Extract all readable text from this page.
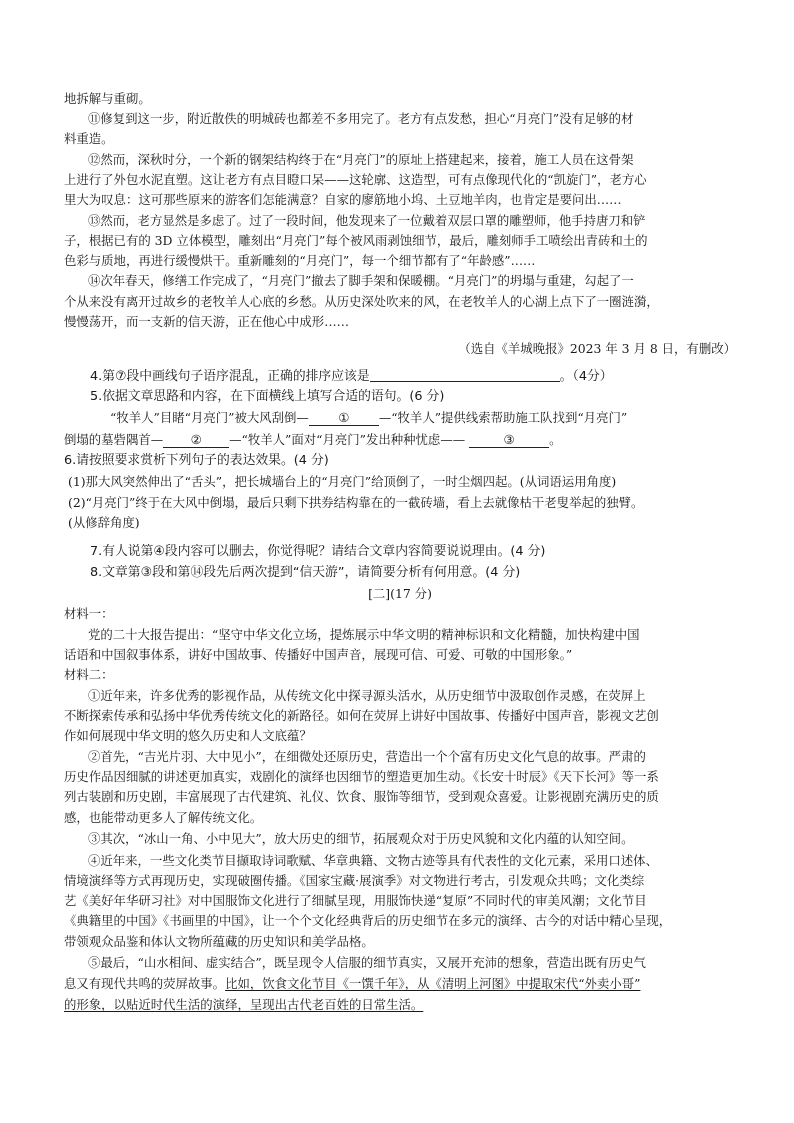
地拆解与重砌。
⑪修复到这一步，附近散佚的明城砖也都差不多用完了。老方有点发愁，担心“月亮门”没有足够的材
料重造。
⑫然而，深秋时分，一个新的钢架结构终于在“月亮门”的原址上搭建起来，接着，施工人员在这骨架
上进行了外包水泥直塑。这让老方有点目瞪口呆——这轮廓、这造型，可有点像现代化的“凯旋门”，老方心
里大为叹息：这可那些原来的游客们怎能满意？自家的廖筋地小坞、土豆地羊肉，也肯定是要问出……
⑬然而，老方显然是多虑了。过了一段时间，他发现来了一位戴着双层口罩的雕塑师，他手持唐刀和铲
子，根据已有的 3D 立体模型，雕刻出“月亮门”每个被风雨剥蚀细节，最后，雕刻师手工喷绘出青砖和土的
色彩与质地，再进行缓慢烘干。重新雕刻的“月亮门”，每一个细节都有了“年龄感”……
⑭次年春天，修缮工作完成了，“月亮门”撤去了脚手架和保暖棚。“月亮门”的坍塌与重建，勾起了一
个从来没有离开过故乡的老牧羊人心底的乡愁。从历史深处吹来的风，在老牧羊人的心湖上点下了一圈涟漪，
慢慢荡开，而一支新的信天游，正在他心中成形……
（选自《羊城晚报》2023 年 3 月 8 日，有删改）
4.第⑦段中画线句子语序混乱，正确的排序应该是	。（4分）
5.依据文章思路和内容，在下面横线上填写合适的语句。(6 分)
“牧羊人”目睹“月亮门”被大风刮倒— ① —“牧羊人”提供线索帮助施工队找到“月亮门”
倒塌的墓砦隅首— ② —“牧羊人”面对“月亮门”发出种种忧虑——	③	。
6.请按照要求赏析下列句子的表达效果。(4 分)
(1)那大风突然伸出了“舌头”，把长城墙台上的“月亮门”给顶倒了，一时尘烟四起。(从词语运用角度)
(2)“月亮门”终于在大风中倒塌，最后只剩下拱券结构靠在的一截砖墙，看上去就像枯干老叟举起的独臂。
(从修辞角度)
7.有人说第④段内容可以删去，你觉得呢？请结合文章内容简要说说理由。(4 分)
8.文章第③段和第⑭段先后两次提到“信天游”，请简要分析有何用意。(4 分)
[二](17 分)
材料一：
党的二十大报告提出：“坚守中华文化立场，提炼展示中华文明的精神标识和文化精髓，加快构建中国
话语和中国叙事体系，讲好中国故事、传播好中国声音，展现可信、可爱、可敬的中国形象。”
材料二：
①近年来，许多优秀的影视作品，从传统文化中探寻源头活水，从历史细节中汲取创作灵感，在荧屏上
不断探索传承和弘扬中华优秀传统文化的新路径。如何在荧屏上讲好中国故事、传播好中国声音，影视文艺创
作如何展现中华文明的悠久历史和人文底蕴？
②首先，“吉光片羽、大中见小”，在细微处还原历史，营造出一个个富有历史文化气息的故事。严肃的
历史作品因细腻的讲述更加真实，戏剧化的演绎也因细节的塑造更加生动。《长安十时辰》《天下长河》等一系
列古装剧和历史剧，丰富展现了古代建筑、礼仪、饮食、服饰等细节，受到观众喜爱。让影视剧充满历史的质
感，也能带动更多人了解传统文化。
③其次，“冰山一角、小中见大”，放大历史的细节，拓展观众对于历史风貌和文化内蕴的认知空间。
④近年来，一些文化类节目撷取诗词歌赋、华章典籍、文物古迹等具有代表性的文化元素，采用口述体、
情境演绎等方式再现历史，实现破圈传播。《国家宝藏·展演季》对文物进行考古，引发观众共鸣；文化类综
艺《美好年华研习社》对中国服饰文化进行了细腻呈现，用服饰快递“复原”不同时代的审美风潮；文化节目
《典籍里的中国》《书画里的中国》，让一个个文化经典背后的历史细节在多元的演绎、古今的对话中精心呈现，
带领观众品鉴和体认文物所蕴藏的历史知识和美学品格。
⑤最后，“山水相间、虚实结合”，既呈现令人信服的细节真实，又展开充沛的想象，营造出既有历史气
息又有现代共鸣的荧屏故事。比如，饮食文化节目《一馔千年》，从《清明上河图》中提取宋代“外卖小哥”
的形象，以贴近时代生活的演绎，呈现出古代老百姓的日常生活。
